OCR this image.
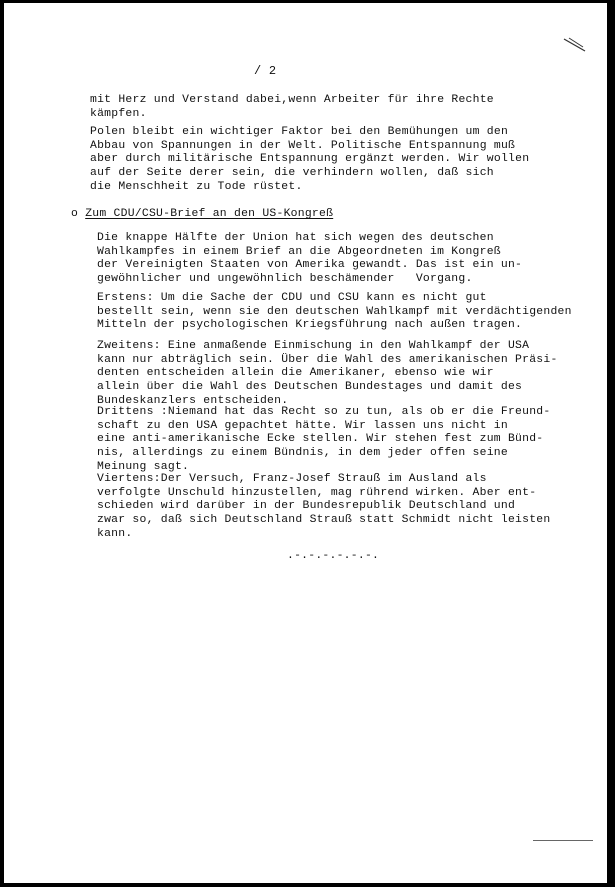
/ 2

mit Herz und Verstand dabei,wenn Arbeiter für ihre Rechte
kämpfen.

Polen bleibt ein wichtiger Faktor bei den Bemühungen um den
Abbau von Spannungen in der Welt. Politische Entspannung muß
aber durch militärische Entspannung ergänzt werden. Wir wollen
auf der Seite derer sein, die verhindern wollen, daß sich
die Menschheit zu Tode rüstet.

o Zum CDU/CSU-Brief an den US-Kongreß

Die knappe Hälfte der Union hat sich wegen des deutschen
Wahlkampfes in einem Brief an die Abgeordneten im Kongreß
der Vereinigten Staaten von Amerika gewandt. Das ist ein un-
gewöhnlicher und ungewöhnlich beschämender   Vorgang.

Erstens: Um die Sache der CDU und CSU kann es nicht gut
bestellt sein, wenn sie den deutschen Wahlkampf mit verdächtigenden
Mitteln der psychologischen Kriegsführung nach außen tragen.

Zweitens: Eine anmaßende Einmischung in den Wahlkampf der USA
kann nur abträglich sein. Über die Wahl des amerikanischen Präsi-
denten entscheiden allein die Amerikaner, ebenso wie wir
allein über die Wahl des Deutschen Bundestages und damit des
Bundeskanzlers entscheiden.

Drittens :Niemand hat das Recht so zu tun, als ob er die Freund-
schaft zu den USA gepachtet hätte. Wir lassen uns nicht in
eine anti-amerikanische Ecke stellen. Wir stehen fest zum Bünd-
nis, allerdings zu einem Bündnis, in dem jeder offen seine
Meinung sagt.

Viertens:Der Versuch, Franz-Josef Strauß im Ausland als
verfolgte Unschuld hinzustellen, mag rührend wirken. Aber ent-
schieden wird darüber in der Bundesrepublik Deutschland und
zwar so, daß sich Deutschland Strauß statt Schmidt nicht leisten
kann.

.-.-.-.-.-.-.
